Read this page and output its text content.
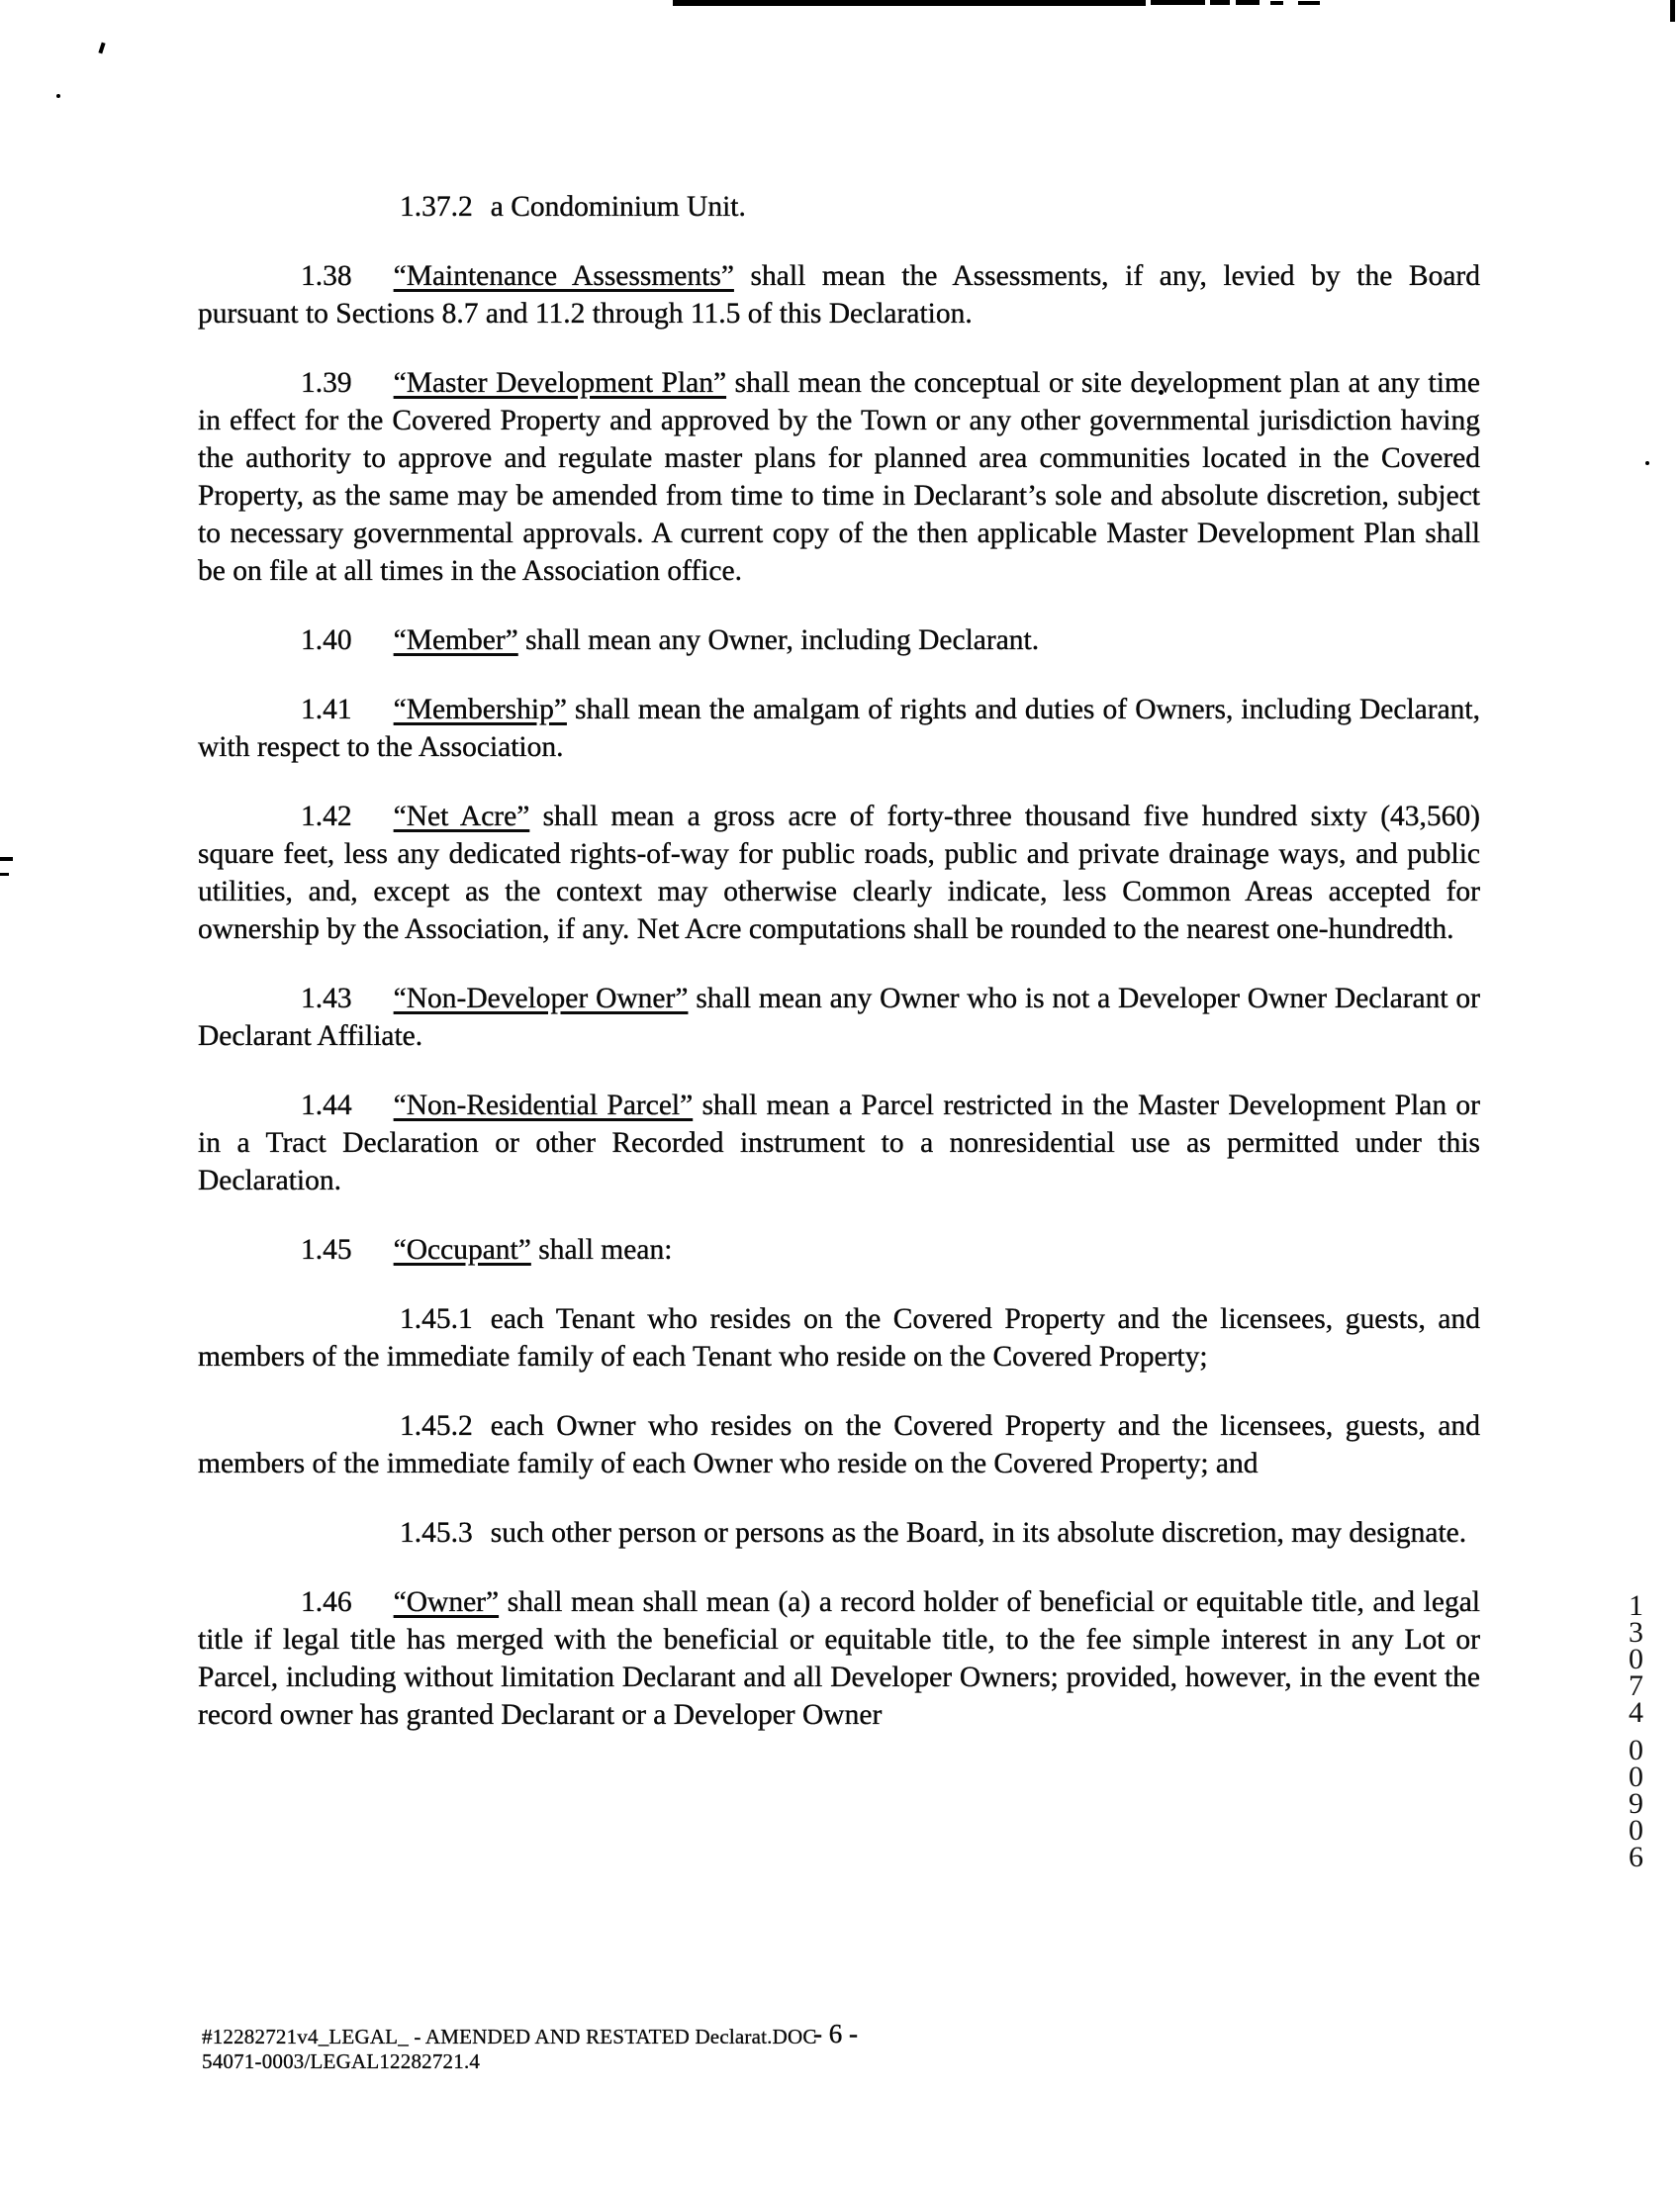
1.37.2 a Condominium Unit.

1.38 “Maintenance Assessments” shall mean the Assessments, if any, levied by the Board pursuant to Sections 8.7 and 11.2 through 11.5 of this Declaration.

1.39 “Master Development Plan” shall mean the conceptual or site development plan at any time in effect for the Covered Property and approved by the Town or any other governmental jurisdiction having the authority to approve and regulate master plans for planned area communities located in the Covered Property, as the same may be amended from time to time in Declarant’s sole and absolute discretion, subject to necessary governmental approvals. A current copy of the then applicable Master Development Plan shall be on file at all times in the Association office.

1.40 “Member” shall mean any Owner, including Declarant.

1.41 “Membership” shall mean the amalgam of rights and duties of Owners, including Declarant, with respect to the Association.

1.42 “Net Acre” shall mean a gross acre of forty-three thousand five hundred sixty (43,560) square feet, less any dedicated rights-of-way for public roads, public and private drainage ways, and public utilities, and, except as the context may otherwise clearly indicate, less Common Areas accepted for ownership by the Association, if any. Net Acre computations shall be rounded to the nearest one-hundredth.

1.43 “Non-Developer Owner” shall mean any Owner who is not a Developer Owner Declarant or Declarant Affiliate.

1.44 “Non-Residential Parcel” shall mean a Parcel restricted in the Master Development Plan or in a Tract Declaration or other Recorded instrument to a nonresidential use as permitted under this Declaration.

1.45 “Occupant” shall mean:

1.45.1 each Tenant who resides on the Covered Property and the licensees, guests, and members of the immediate family of each Tenant who reside on the Covered Property;

1.45.2 each Owner who resides on the Covered Property and the licensees, guests, and members of the immediate family of each Owner who reside on the Covered Property; and

1.45.3 such other person or persons as the Board, in its absolute discretion, may designate.

1.46 “Owner” shall mean shall mean (a) a record holder of beneficial or equitable title, and legal title if legal title has merged with the beneficial or equitable title, to the fee simple interest in any Lot or Parcel, including without limitation Declarant and all Developer Owners; provided, however, in the event the record owner has granted Declarant or a Developer Owner	13074
00906
#12282721v4_LEGAL_ - AMENDED AND RESTATED Declarat.DOC
54071-0003/LEGAL12282721.4
- 6 -
